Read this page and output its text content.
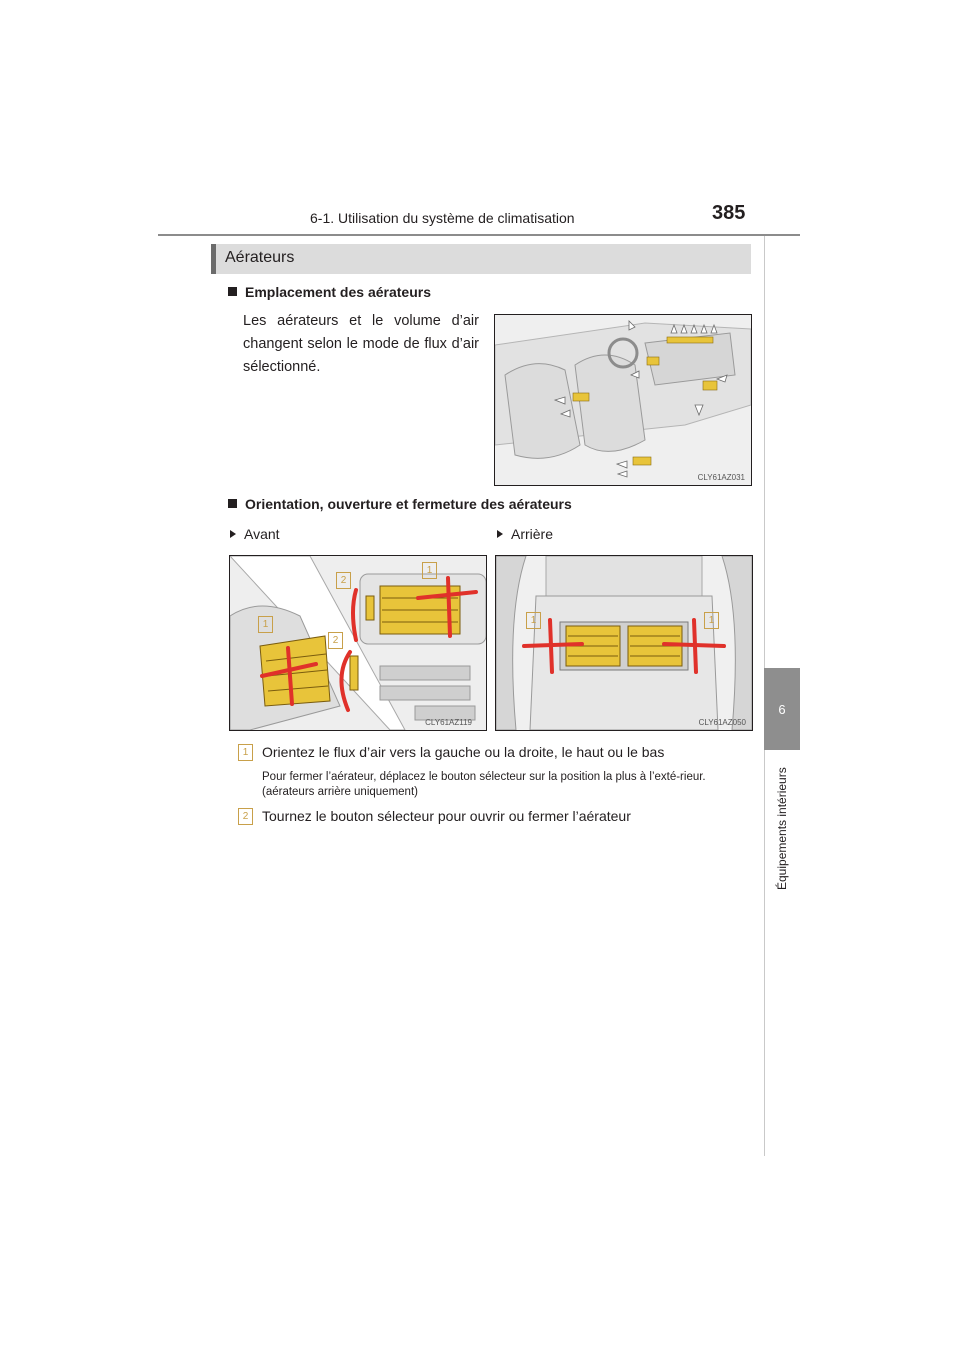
6-1. Utilisation du système de climatisation	385
6
Équipements intérieurs
Aérateurs
Emplacement des aérateurs
Les aérateurs et le volume d’air changent selon le mode de flux d’air sélectionné.
CLY61AZ031
Orientation, ouverture et fermeture des aérateurs
Avant	Arrière
1
2
1
2
CLY61AZ119
1	1
CLY61AZ050
1 Orientez le flux d’air vers la gauche ou la droite, le haut ou le bas
Pour fermer l’aérateur, déplacez le bouton sélecteur sur la position la plus à l’exté-rieur. (aérateurs arrière uniquement)
2 Tournez le bouton sélecteur pour ouvrir ou fermer l’aérateur
